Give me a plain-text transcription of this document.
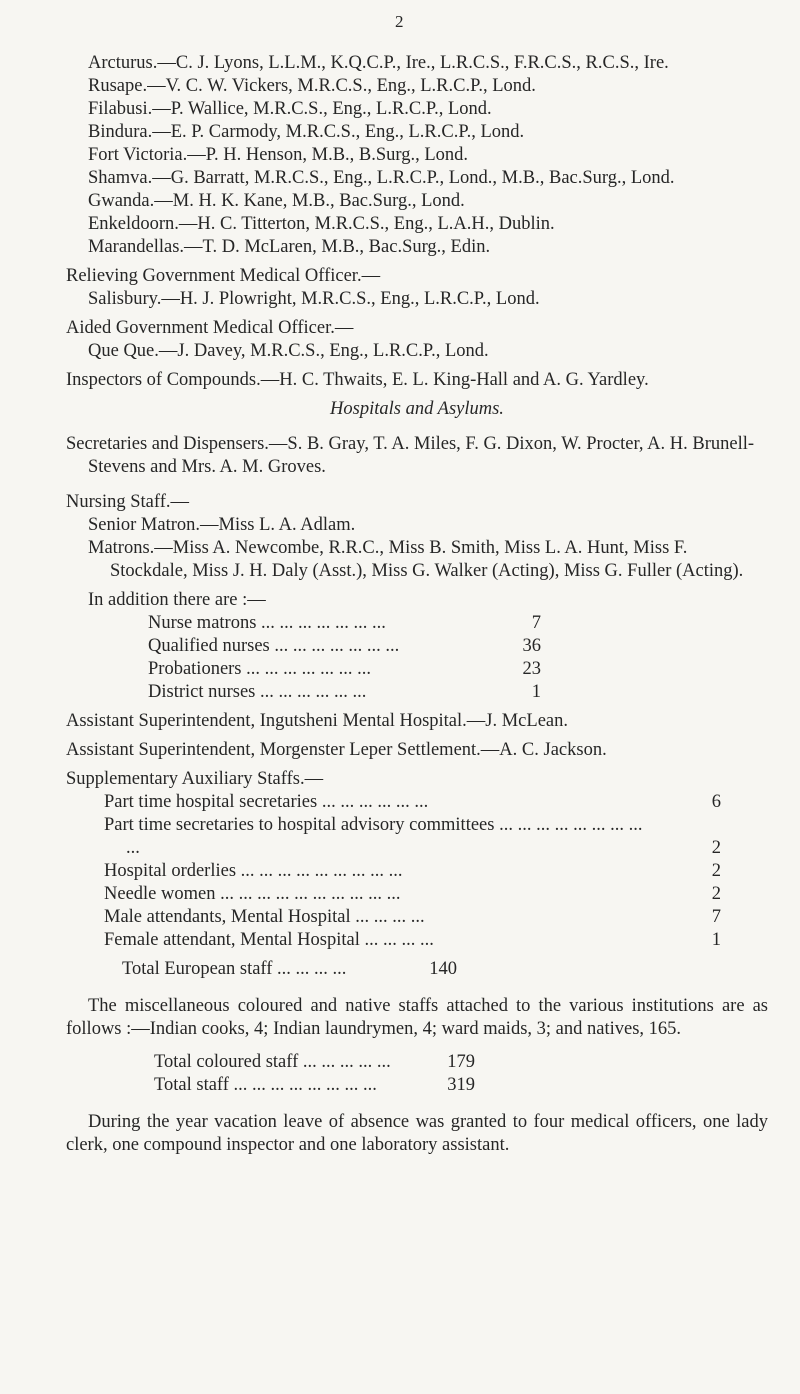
2

Arcturus.—C. J. Lyons, L.L.M., K.Q.C.P., Ire., L.R.C.S., F.R.C.S., R.C.S., Ire.

Rusape.—V. C. W. Vickers, M.R.C.S., Eng., L.R.C.P., Lond.

Filabusi.—P. Wallice, M.R.C.S., Eng., L.R.C.P., Lond.

Bindura.—E. P. Carmody, M.R.C.S., Eng., L.R.C.P., Lond.

Fort Victoria.—P. H. Henson, M.B., B.Surg., Lond.

Shamva.—G. Barratt, M.R.C.S., Eng., L.R.C.P., Lond., M.B., Bac.Surg., Lond.

Gwanda.—M. H. K. Kane, M.B., Bac.Surg., Lond.

Enkeldoorn.—H. C. Titterton, M.R.C.S., Eng., L.A.H., Dublin.

Marandellas.—T. D. McLaren, M.B., Bac.Surg., Edin.

Relieving Government Medical Officer.—

Salisbury.—H. J. Plowright, M.R.C.S., Eng., L.R.C.P., Lond.

Aided Government Medical Officer.—

Que Que.—J. Davey, M.R.C.S., Eng., L.R.C.P., Lond.

Inspectors of Compounds.—H. C. Thwaits, E. L. King-Hall and A. G. Yardley.

Hospitals and Asylums.

Secretaries and Dispensers.—S. B. Gray, T. A. Miles, F. G. Dixon, W. Procter, A. H. Brunell-Stevens and Mrs. A. M. Groves.

Nursing Staff.—

Senior Matron.—Miss L. A. Adlam.

Matrons.—Miss A. Newcombe, R.R.C., Miss B. Smith, Miss L. A. Hunt, Miss F. Stockdale, Miss J. H. Daly (Asst.), Miss G. Walker (Acting), Miss G. Fuller (Acting).

In addition there are :—

Nurse matrons ... ... ... ... ... ... ...	7
Qualified nurses ... ... ... ... ... ... ...	36
Probationers ... ... ... ... ... ... ...	23
District nurses ... ... ... ... ... ...	1

Assistant Superintendent, Ingutsheni Mental Hospital.—J. McLean.

Assistant Superintendent, Morgenster Leper Settlement.—A. C. Jackson.

Supplementary Auxiliary Staffs.—

Part time hospital secretaries ... ... ... ... ... ...	6
Part time secretaries to hospital advisory committees ... ... ... ... ... ... ... ... ...	2
Hospital orderlies ... ... ... ... ... ... ... ... ...	2
Needle women ... ... ... ... ... ... ... ... ... ...	2
Male attendants, Mental Hospital ... ... ... ...	7
Female attendant, Mental Hospital ... ... ... ...	1
Total European staff ... ... ... ...	140

The miscellaneous coloured and native staffs attached to the various institutions are as follows :—Indian cooks, 4; Indian laundrymen, 4; ward maids, 3; and natives, 165.

Total coloured staff ... ... ... ... ...	179
Total staff ... ... ... ... ... ... ... ...	319

During the year vacation leave of absence was granted to four medical officers, one lady clerk, one compound inspector and one laboratory assistant.
